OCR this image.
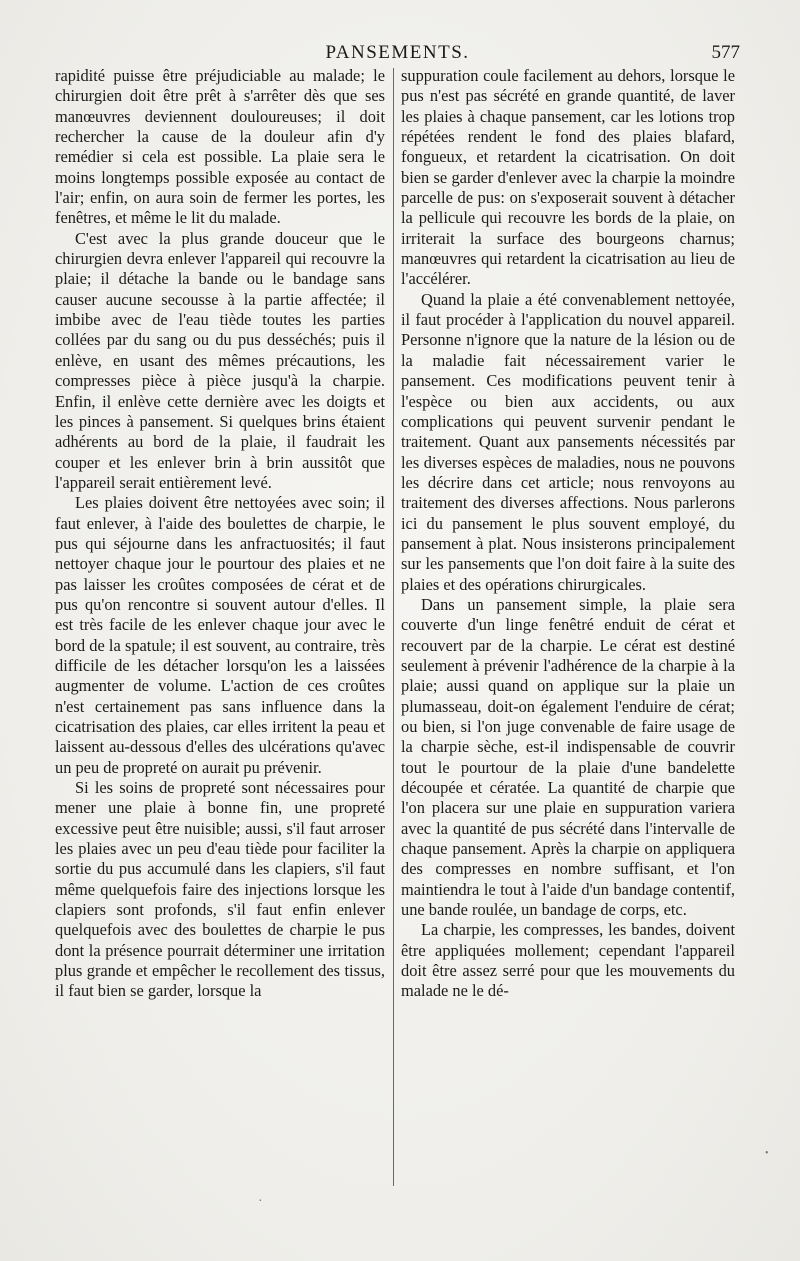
PANSEMENTS.	577

rapidité puisse être préjudiciable au malade; le chirurgien doit être prêt à s'arrêter dès que ses manœuvres deviennent douloureuses; il doit rechercher la cause de la douleur afin d'y remédier si cela est possible. La plaie sera le moins longtemps possible exposée au contact de l'air; enfin, on aura soin de fermer les portes, les fenêtres, et même le lit du malade.

C'est avec la plus grande douceur que le chirurgien devra enlever l'appareil qui recouvre la plaie; il détache la bande ou le bandage sans causer aucune secousse à la partie affectée; il imbibe avec de l'eau tiède toutes les parties collées par du sang ou du pus desséchés; puis il enlève, en usant des mêmes précautions, les compresses pièce à pièce jusqu'à la charpie. Enfin, il enlève cette dernière avec les doigts et les pinces à pansement. Si quelques brins étaient adhérents au bord de la plaie, il faudrait les couper et les enlever brin à brin aussitôt que l'appareil serait entièrement levé.

Les plaies doivent être nettoyées avec soin; il faut enlever, à l'aide des boulettes de charpie, le pus qui séjourne dans les anfractuosités; il faut nettoyer chaque jour le pourtour des plaies et ne pas laisser les croûtes composées de cérat et de pus qu'on rencontre si souvent autour d'elles. Il est très facile de les enlever chaque jour avec le bord de la spatule; il est souvent, au contraire, très difficile de les détacher lorsqu'on les a laissées augmenter de volume. L'action de ces croûtes n'est certainement pas sans influence dans la cicatrisation des plaies, car elles irritent la peau et laissent au-dessous d'elles des ulcérations qu'avec un peu de propreté on aurait pu prévenir.

Si les soins de propreté sont nécessaires pour mener une plaie à bonne fin, une propreté excessive peut être nuisible; aussi, s'il faut arroser les plaies avec un peu d'eau tiède pour faciliter la sortie du pus accumulé dans les clapiers, s'il faut même quelquefois faire des injections lorsque les clapiers sont profonds, s'il faut enfin enlever quelquefois avec des boulettes de charpie le pus dont la présence pourrait déterminer une irritation plus grande et empêcher le recollement des tissus, il faut bien se garder, lorsque la

suppuration coule facilement au dehors, lorsque le pus n'est pas sécrété en grande quantité, de laver les plaies à chaque pansement, car les lotions trop répétées rendent le fond des plaies blafard, fongueux, et retardent la cicatrisation. On doit bien se garder d'enlever avec la charpie la moindre parcelle de pus: on s'exposerait souvent à détacher la pellicule qui recouvre les bords de la plaie, on irriterait la surface des bourgeons charnus; manœuvres qui retardent la cicatrisation au lieu de l'accélérer.

Quand la plaie a été convenablement nettoyée, il faut procéder à l'application du nouvel appareil. Personne n'ignore que la nature de la lésion ou de la maladie fait nécessairement varier le pansement. Ces modifications peuvent tenir à l'espèce ou bien aux accidents, ou aux complications qui peuvent survenir pendant le traitement. Quant aux pansements nécessités par les diverses espèces de maladies, nous ne pouvons les décrire dans cet article; nous renvoyons au traitement des diverses affections. Nous parlerons ici du pansement le plus souvent employé, du pansement à plat. Nous insisterons principalement sur les pansements que l'on doit faire à la suite des plaies et des opérations chirurgicales.

Dans un pansement simple, la plaie sera couverte d'un linge fenêtré enduit de cérat et recouvert par de la charpie. Le cérat est destiné seulement à prévenir l'adhérence de la charpie à la plaie; aussi quand on applique sur la plaie un plumasseau, doit-on également l'enduire de cérat; ou bien, si l'on juge convenable de faire usage de la charpie sèche, est-il indispensable de couvrir tout le pourtour de la plaie d'une bandelette découpée et cératée. La quantité de charpie que l'on placera sur une plaie en suppuration variera avec la quantité de pus sécrété dans l'intervalle de chaque pansement. Après la charpie on appliquera des compresses en nombre suffisant, et l'on maintiendra le tout à l'aide d'un bandage contentif, une bande roulée, un bandage de corps, etc.

La charpie, les compresses, les bandes, doivent être appliquées mollement; cependant l'appareil doit être assez serré pour que les mouvements du malade ne le dé-

·
•
